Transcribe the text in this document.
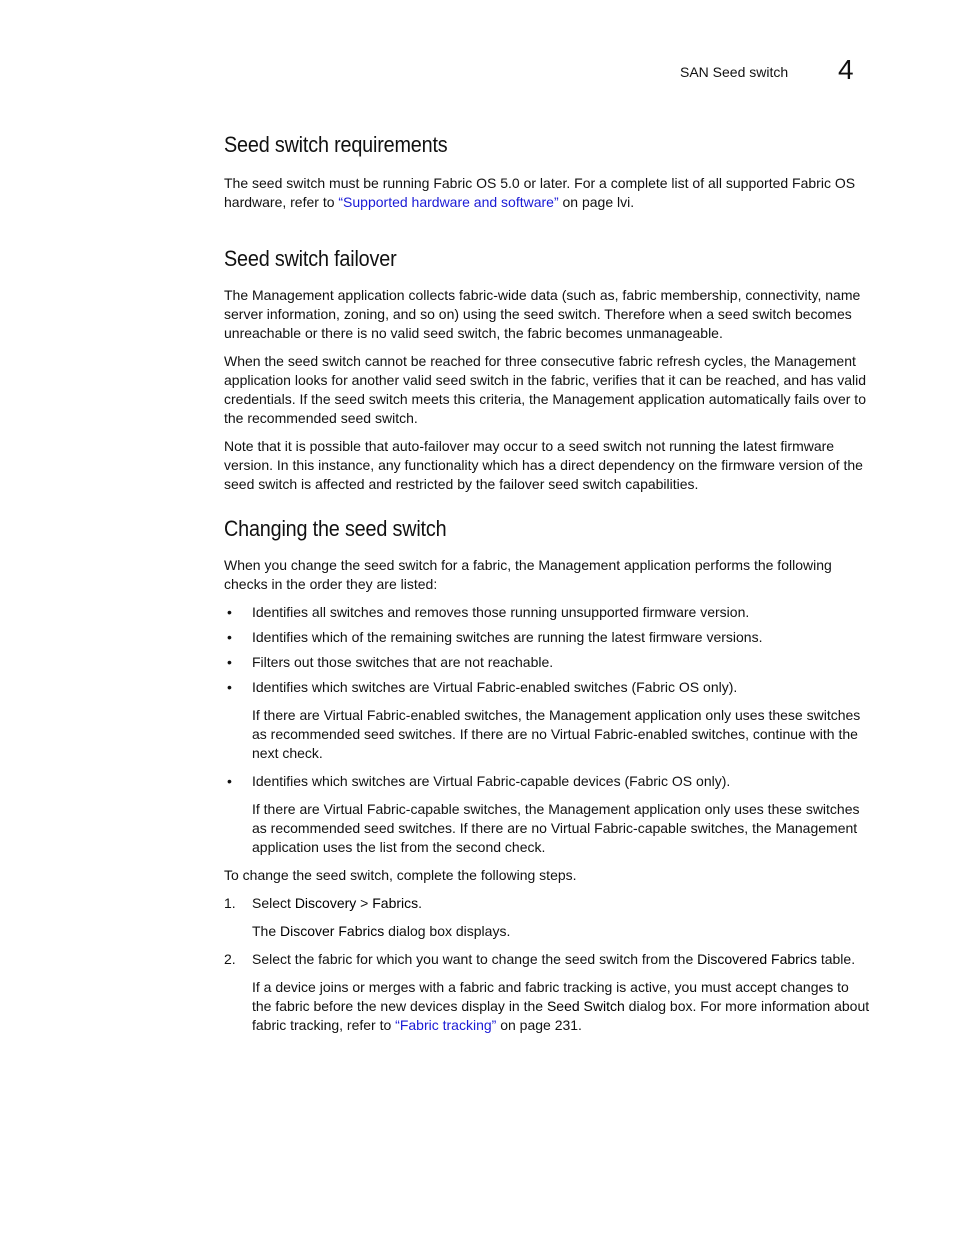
SAN Seed switch 4
Seed switch requirements

The seed switch must be running Fabric OS 5.0 or later. For a complete list of all supported Fabric OS hardware, refer to “Supported hardware and software” on page lvi.

Seed switch failover

The Management application collects fabric-wide data (such as, fabric membership, connectivity, name server information, zoning, and so on) using the seed switch. Therefore when a seed switch becomes unreachable or there is no valid seed switch, the fabric becomes unmanageable.

When the seed switch cannot be reached for three consecutive fabric refresh cycles, the Management application looks for another valid seed switch in the fabric, verifies that it can be reached, and has valid credentials. If the seed switch meets this criteria, the Management application automatically fails over to the recommended seed switch.

Note that it is possible that auto-failover may occur to a seed switch not running the latest firmware version. In this instance, any functionality which has a direct dependency on the firmware version of the seed switch is affected and restricted by the failover seed switch capabilities.

Changing the seed switch

When you change the seed switch for a fabric, the Management application performs the following checks in the order they are listed:

• Identifies all switches and removes those running unsupported firmware version.
• Identifies which of the remaining switches are running the latest firmware versions.
• Filters out those switches that are not reachable.
• Identifies which switches are Virtual Fabric-enabled switches (Fabric OS only).

If there are Virtual Fabric-enabled switches, the Management application only uses these switches as recommended seed switches. If there are no Virtual Fabric-enabled switches, continue with the next check.

• Identifies which switches are Virtual Fabric-capable devices (Fabric OS only).

If there are Virtual Fabric-capable switches, the Management application only uses these switches as recommended seed switches. If there are no Virtual Fabric-capable switches, the Management application uses the list from the second check.

To change the seed switch, complete the following steps.

1. Select Discovery > Fabrics.

The Discover Fabrics dialog box displays.

2. Select the fabric for which you want to change the seed switch from the Discovered Fabrics table.

If a device joins or merges with a fabric and fabric tracking is active, you must accept changes to the fabric before the new devices display in the Seed Switch dialog box. For more information about fabric tracking, refer to “Fabric tracking” on page 231.
